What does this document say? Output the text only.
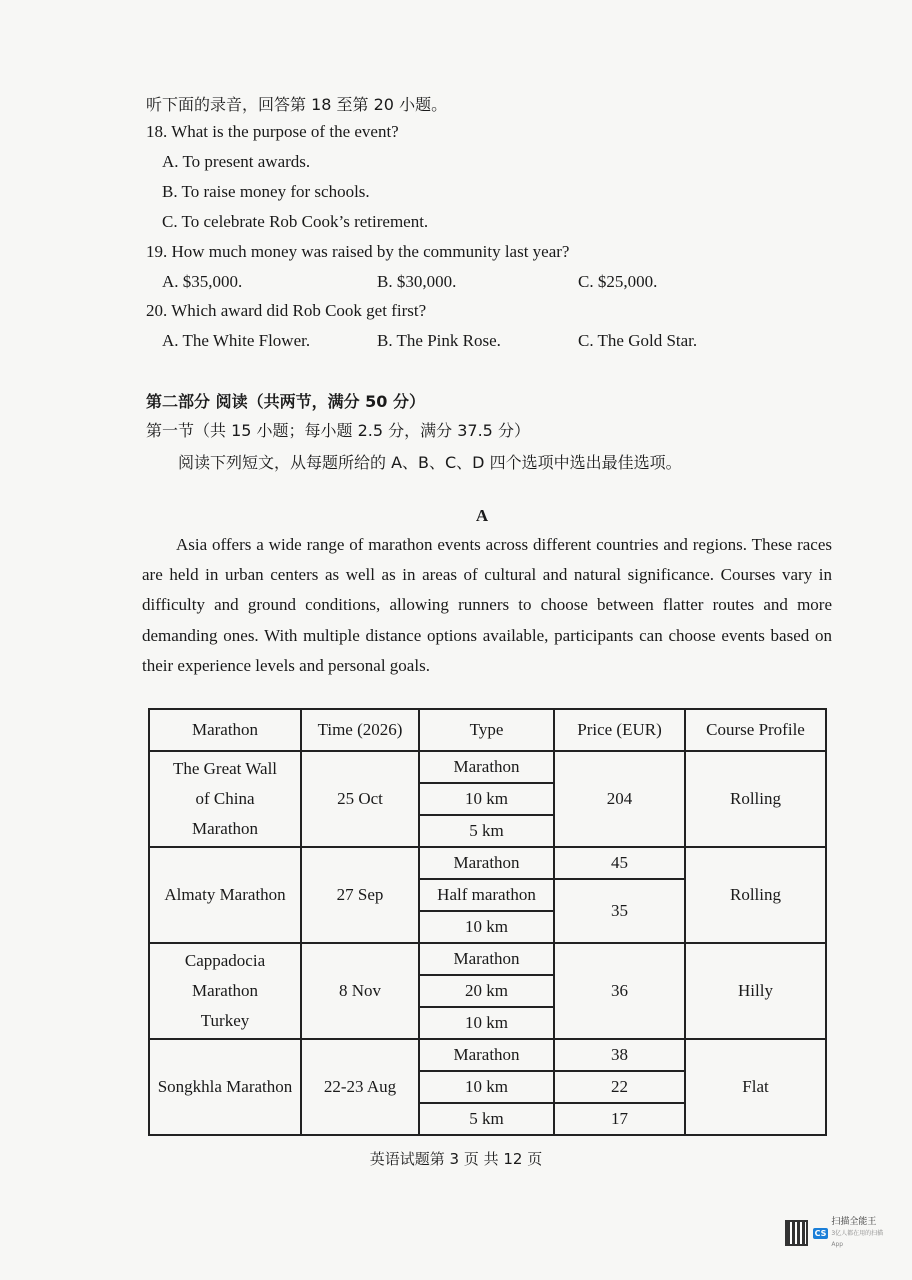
听下面的录音，回答第 18 至第 20 小题。
18. What is the purpose of the event?
A. To present awards.
B. To raise money for schools.
C. To celebrate Rob Cook’s retirement.
19. How much money was raised by the community last year?
A. $35,000.	B. $30,000.	C. $25,000.
20. Which award did Rob Cook get first?
A. The White Flower.	B. The Pink Rose.	C. The Gold Star.
第二部分 阅读（共两节，满分 50 分）
第一节（共 15 小题；每小题 2.5 分，满分 37.5 分）
阅读下列短文，从每题所给的 A、B、C、D 四个选项中选出最佳选项。
A
Asia offers a wide range of marathon events across different countries and regions. These races are held in urban centers as well as in areas of cultural and natural significance. Courses vary in difficulty and ground conditions, allowing runners to choose between flatter routes and more demanding ones. With multiple distance options available, participants can choose events based on their experience levels and personal goals.
Marathon	Time (2026)	Type	Price (EUR)	Course Profile
The Great Wall of China Marathon	25 Oct	Marathon	204	Rolling
		10 km		
		5 km		
Almaty Marathon	27 Sep	Marathon	45	Rolling
		Half marathon	35	
		10 km		
Cappadocia Marathon Turkey	8 Nov	Marathon	36	Hilly
		20 km		
		10 km		
Songkhla Marathon	22-23 Aug	Marathon	38	Flat
		10 km	22	
		5 km	17	
英语试题第 3 页 共 12 页
CS
扫描全能王
3亿人都在用的扫描App
